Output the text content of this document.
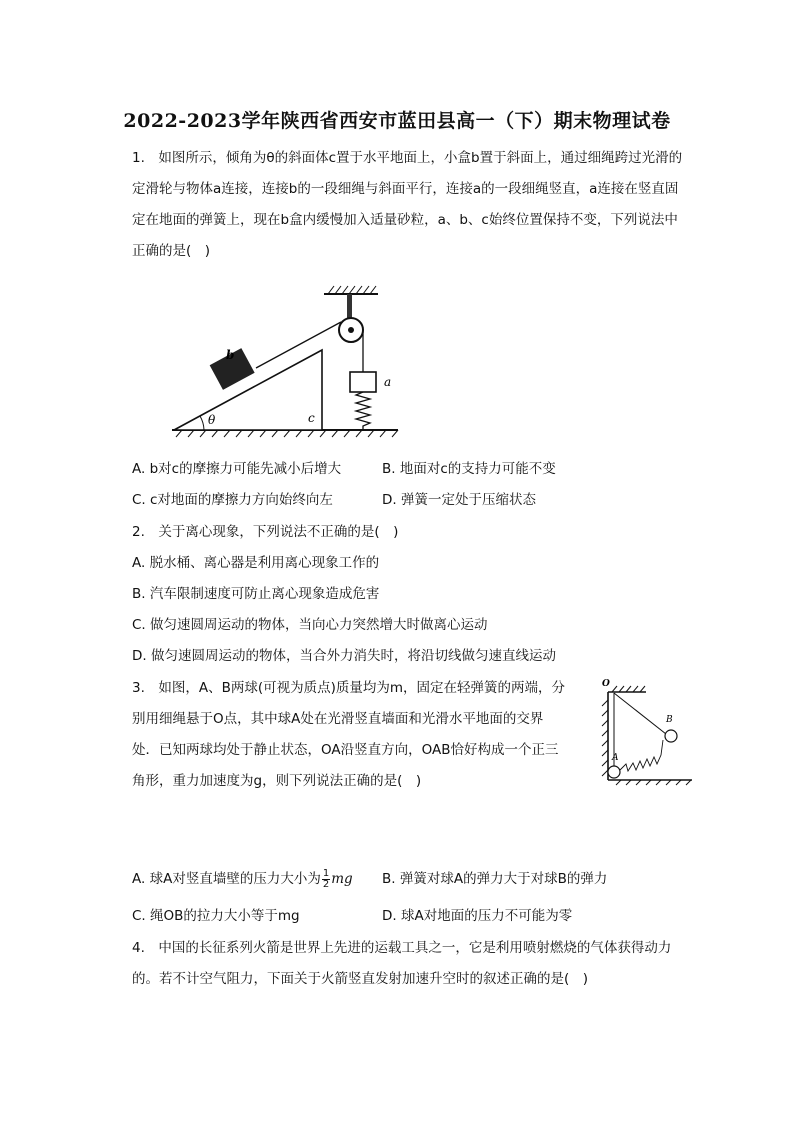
2022-2023学年陕西省西安市蓝田县高一（下）期末物理试卷
1.　如图所示，倾角为θ的斜面体c置于水平地面上，小盒b置于斜面上，通过细绳跨过光滑的
定滑轮与物体a连接，连接b的一段细绳与斜面平行，连接a的一段细绳竖直，a连接在竖直固
定在地面的弹簧上，现在b盒内缓慢加入适量砂粒，a、b、c始终位置保持不变，下列说法中
正确的是(　)
b
a
c
θ
A. b对c的摩擦力可能先减小后增大	B. 地面对c的支持力可能不变
C. c对地面的摩擦力方向始终向左	D. 弹簧一定处于压缩状态
2.　关于离心现象，下列说法不正确的是(　)
A. 脱水桶、离心器是利用离心现象工作的
B. 汽车限制速度可防止离心现象造成危害
C. 做匀速圆周运动的物体，当向心力突然增大时做离心运动
D. 做匀速圆周运动的物体，当合外力消失时，将沿切线做匀速直线运动
3.　如图，A、B两球(可视为质点)质量均为m，固定在轻弹簧的两端，分
别用细绳悬于O点，其中球A处在光滑竖直墙面和光滑水平地面的交界
处．已知两球均处于静止状态，OA沿竖直方向，OAB恰好构成一个正三
角形，重力加速度为g，则下列说法正确的是(　)
O
A
B
A. 球A对竖直墙壁的压力大小为 $\frac{1}{2}$ mg B. 弹簧对球A的弹力大于对球B的弹力
C. 绳OB的拉力大小等于mg	D. 球A对地面的压力不可能为零
4.　中国的长征系列火箭是世界上先进的运载工具之一，它是利用喷射燃烧的气体获得动力
的。若不计空气阻力，下面关于火箭竖直发射加速升空时的叙述正确的是(　)
